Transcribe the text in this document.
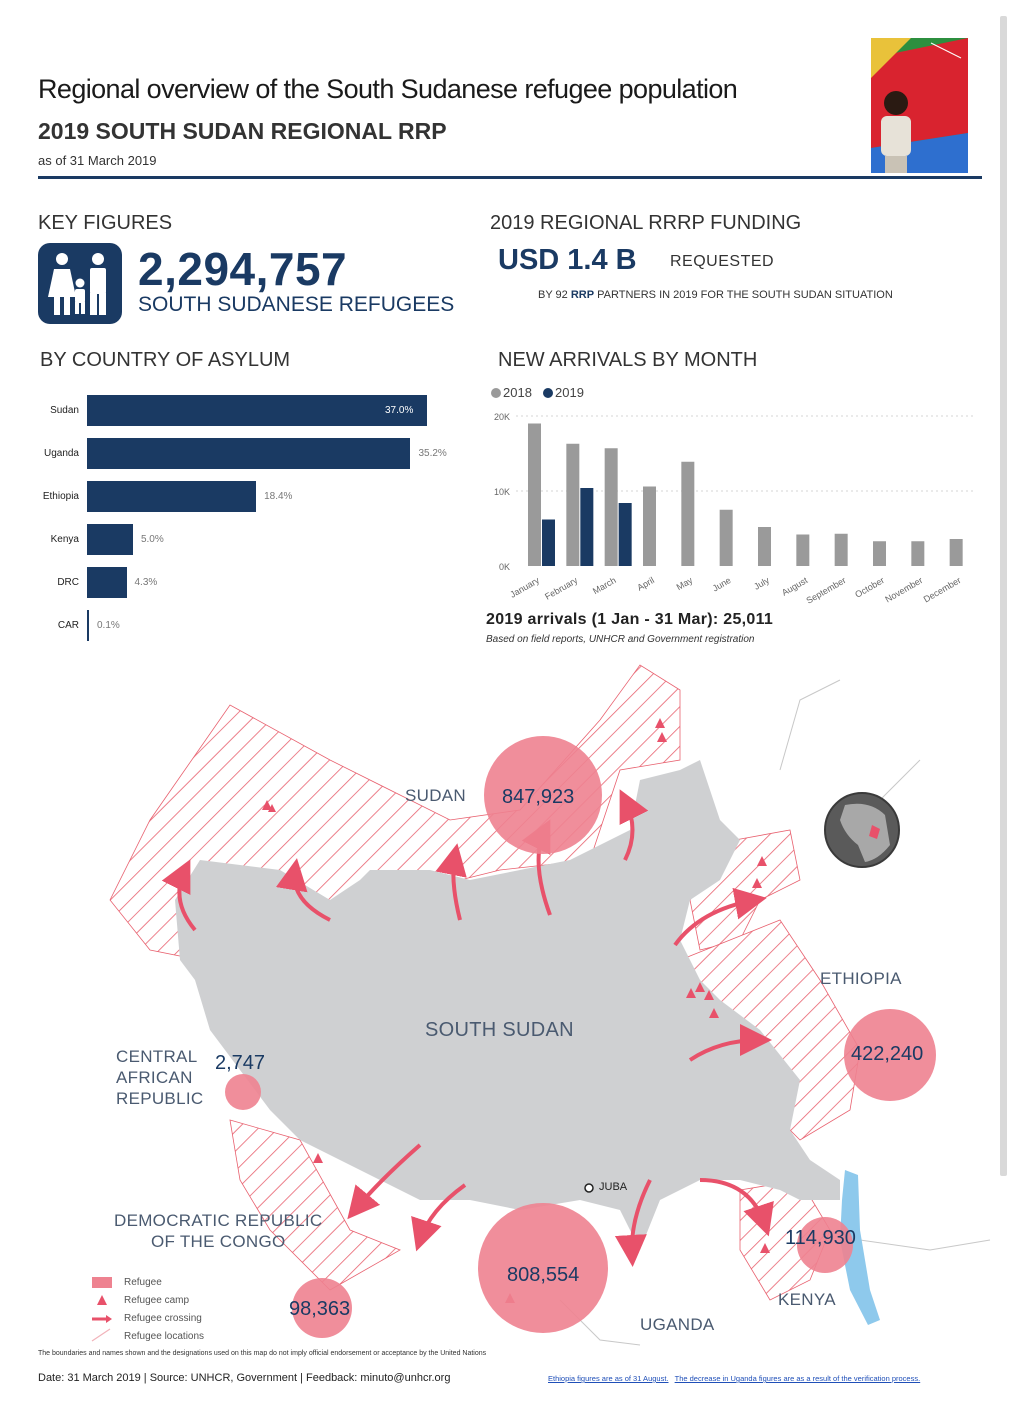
Regional overview of the South Sudanese refugee population
2019 SOUTH SUDAN REGIONAL RRP
as of 31 March 2019
KEY FIGURES
2,294,757
SOUTH SUDANESE REFUGEES
2019 REGIONAL RRRP FUNDING
USD 1.4 B REQUESTED
BY 92 RRP PARTNERS IN 2019 FOR THE SOUTH SUDAN SITUATION
BY COUNTRY OF ASYLUM
Sudan	37.0%
Uganda	35.2%
Ethiopia	18.4%
Kenya	5.0%
DRC	4.3%
CAR 0.1%
NEW ARRIVALS BY MONTH
2018 2019
0K
10K
20K
January February March April May June July August
September October
November
December
2019 arrivals (1 Jan - 31 Mar): 25,011
Based on field reports, UNHCR and Government registration
SUDAN
SOUTH SUDAN
ETHIOPIA
KENYA
UGANDA
DEMOCRATIC REPUBLIC
OF THE CONGO
CENTRAL
AFRICAN
REPUBLIC
JUBA
847,923
422,240
808,554
114,930
98,363
2,747
Refugee
Refugee camp
Refugee crossing
Refugee locations
The boundaries and names shown and the designations used on this map do not imply official endorsement or acceptance by the United Nations
Date: 31 March 2019 | Source: UNHCR, Government | Feedback: minuto@unhcr.org	Ethiopia figures are as of 31 August. The decrease in Uganda figures are as a result of the verification process.
